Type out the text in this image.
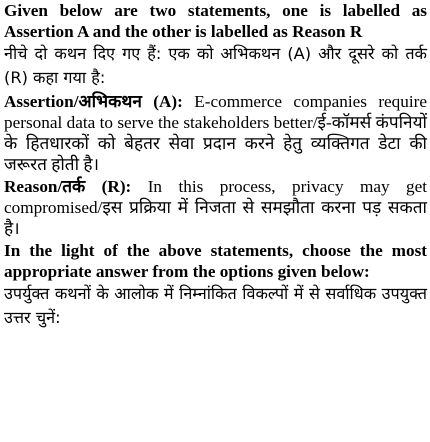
Given below are two statements, one is labelled as Assertion A and the other is labelled as Reason R

नीचे दो कथन दिए गए हैं: एक को अभिकथन (A) और दूसरे को तर्क (R) कहा गया है:

Assertion/अभिकथन (A): E-commerce companies require personal data to serve the stakeholders better/ई-कॉमर्स कंपनियों के हितधारकों को बेहतर सेवा प्रदान करने हेतु व्यक्तिगत डेटा की जरूरत होती है।

Reason/तर्क (R): In this process, privacy may get compromised/इस प्रक्रिया में निजता से समझौता करना पड़ सकता है।

In the light of the above statements, choose the most appropriate answer from the options given below:

उपर्युक्त कथनों के आलोक में निम्नांकित विकल्पों में से सर्वाधिक उपयुक्त उत्तर चुनें:
